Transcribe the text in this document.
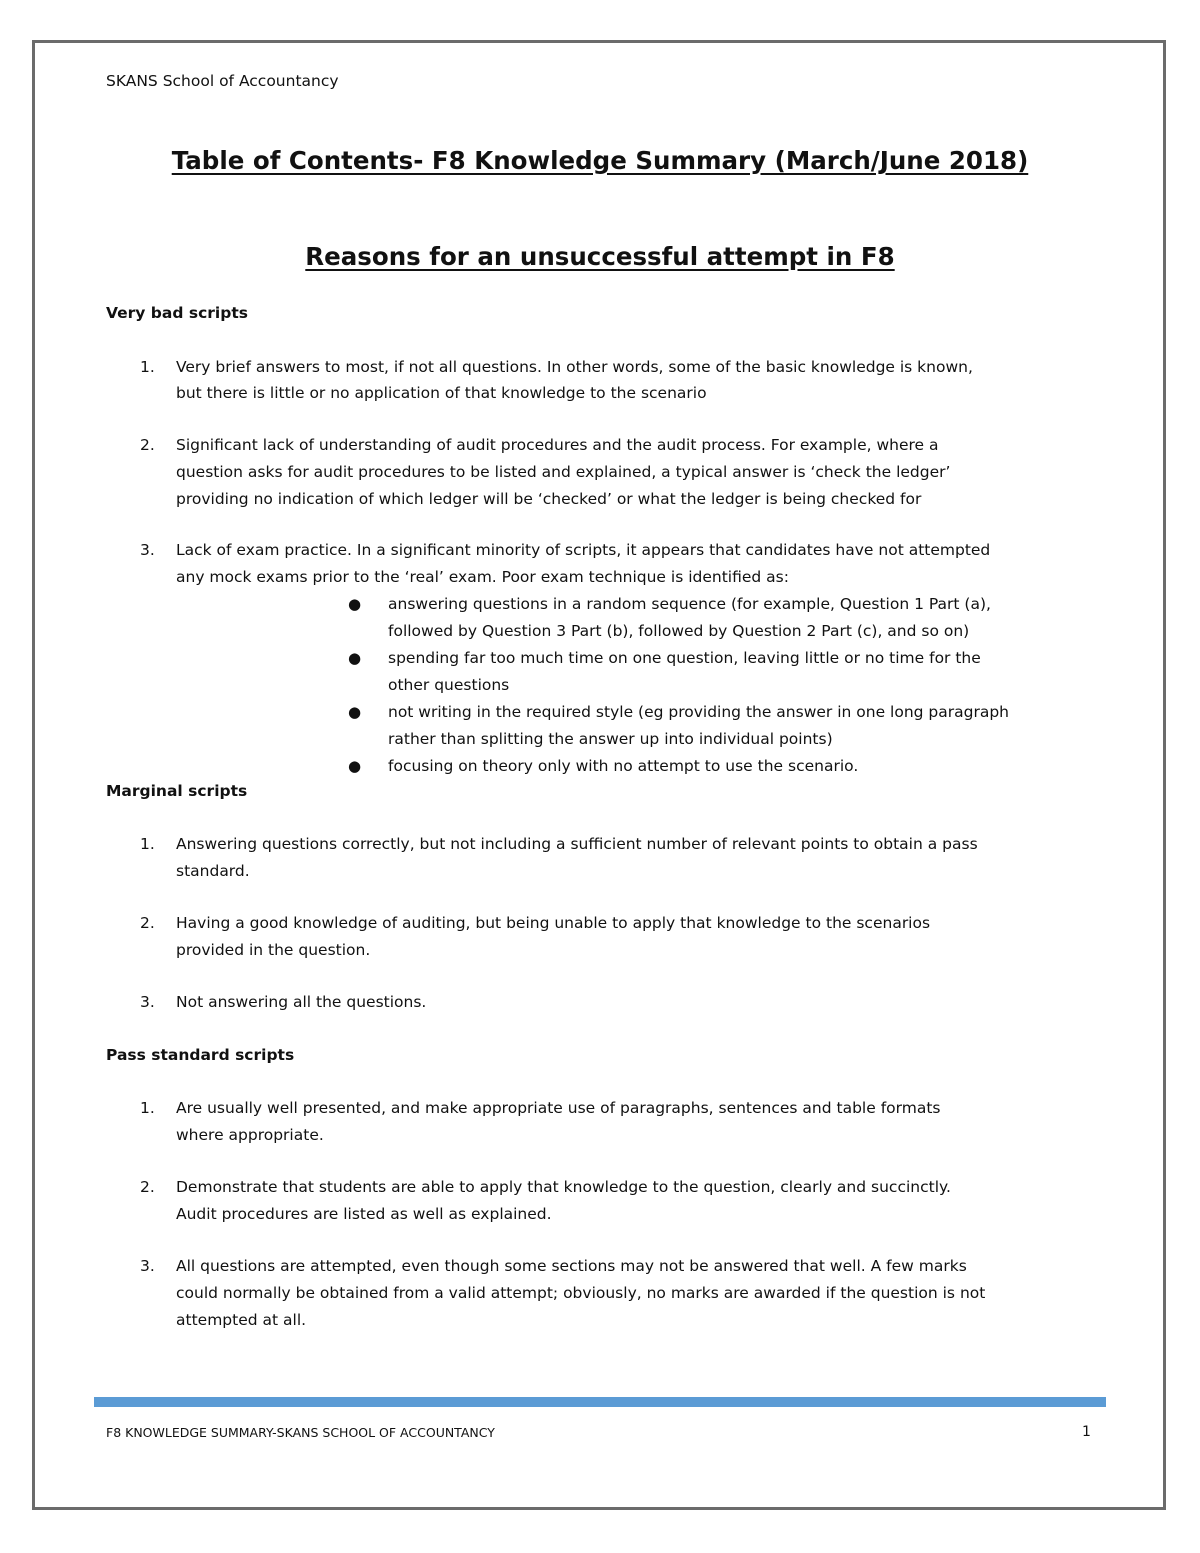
SKANS School of Accountancy
Table of Contents- F8 Knowledge Summary (March/June 2018)
Reasons for an unsuccessful attempt in F8
Very bad scripts
1. Very brief answers to most, if not all questions. In other words, some of the basic knowledge is known,
but there is little or no application of that knowledge to the scenario
2. Significant lack of understanding of audit procedures and the audit process. For example, where a
question asks for audit procedures to be listed and explained, a typical answer is ‘check the ledger’
providing no indication of which ledger will be ‘checked’ or what the ledger is being checked for
3. Lack of exam practice. In a significant minority of scripts, it appears that candidates have not attempted
any mock exams prior to the ‘real’ exam. Poor exam technique is identified as:
● answering questions in a random sequence (for example, Question 1 Part (a),
followed by Question 3 Part (b), followed by Question 2 Part (c), and so on)
● spending far too much time on one question, leaving little or no time for the
other questions
● not writing in the required style (eg providing the answer in one long paragraph
rather than splitting the answer up into individual points)
● focusing on theory only with no attempt to use the scenario.
Marginal scripts
1. Answering questions correctly, but not including a sufficient number of relevant points to obtain a pass
standard.
2. Having a good knowledge of auditing, but being unable to apply that knowledge to the scenarios
provided in the question.
3. Not answering all the questions.
Pass standard scripts
1. Are usually well presented, and make appropriate use of paragraphs, sentences and table formats
where appropriate.
2. Demonstrate that students are able to apply that knowledge to the question, clearly and succinctly.
Audit procedures are listed as well as explained.
3. All questions are attempted, even though some sections may not be answered that well. A few marks
could normally be obtained from a valid attempt; obviously, no marks are awarded if the question is not
attempted at all.
F8 KNOWLEDGE SUMMARY-SKANS SCHOOL OF ACCOUNTANCY	1
